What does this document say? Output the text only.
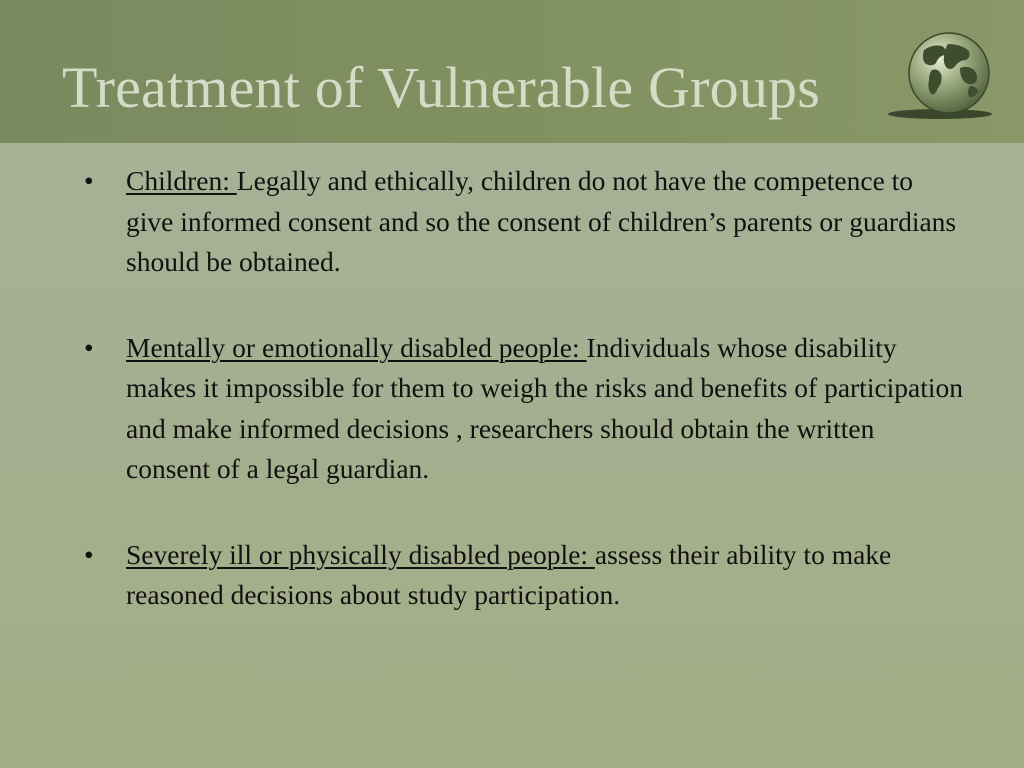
Treatment of Vulnerable Groups
• Children: Legally and ethically, children do not have the competence to give informed consent and so the consent of children’s parents or guardians should be obtained.
• Mentally or emotionally disabled people: Individuals whose disability makes it impossible for them to weigh the risks and benefits of participation and make informed decisions , researchers should obtain the written consent of a legal guardian.
• Severely ill or physically disabled people: assess their ability to make reasoned decisions about study participation.
